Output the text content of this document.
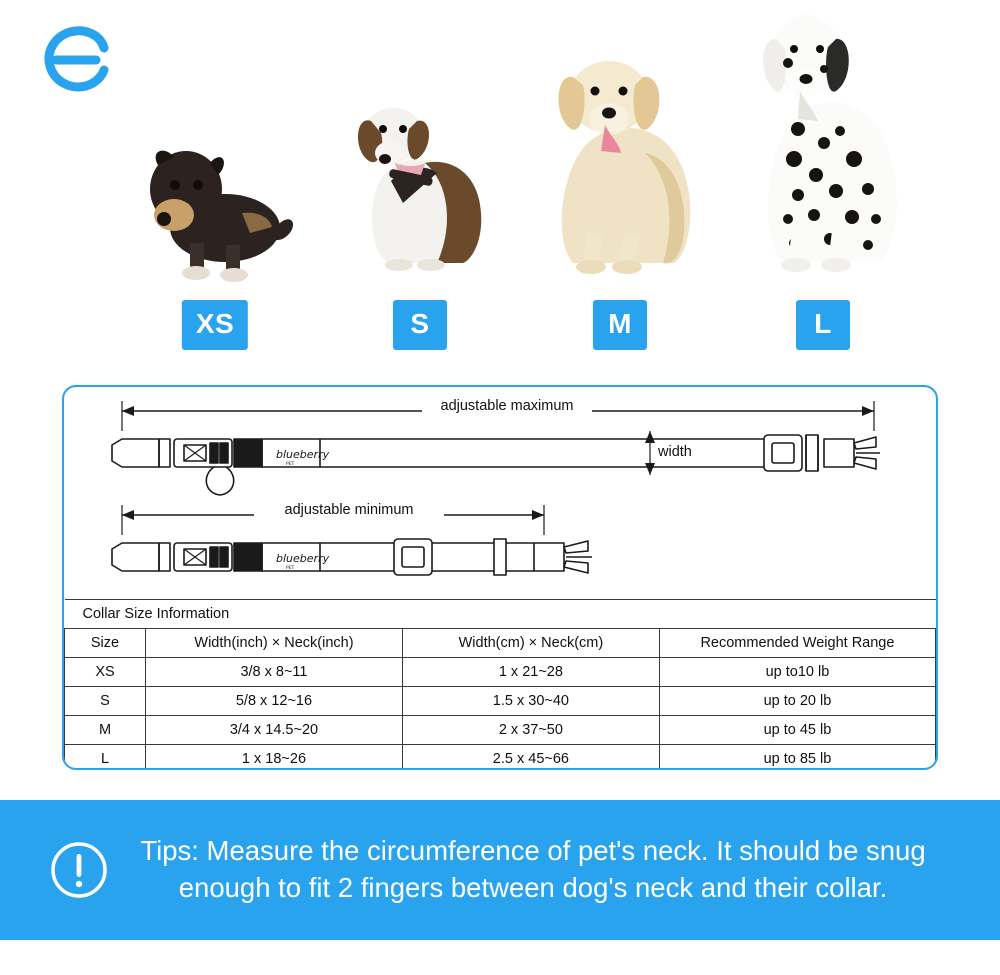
XS	S	M	L
blueberry
PET
blueberry
PET
adjustable maximum
adjustable minimum
width
Collar Size Information			
Size	Width(inch) × Neck(inch)	Width(cm) × Neck(cm)	Recommended Weight Range
XS	3/8 x 8~11	1 x 21~28	up to10 lb
S	5/8 x 12~16	1.5 x 30~40	up to 20 lb
M	3/4 x 14.5~20	2 x 37~50	up to 45 lb
L	1 x 18~26	2.5 x 45~66	up to 85 lb
Tips: Measure the circumference of pet's neck. It should be snug
enough to fit 2 fingers between dog's neck and their collar.
